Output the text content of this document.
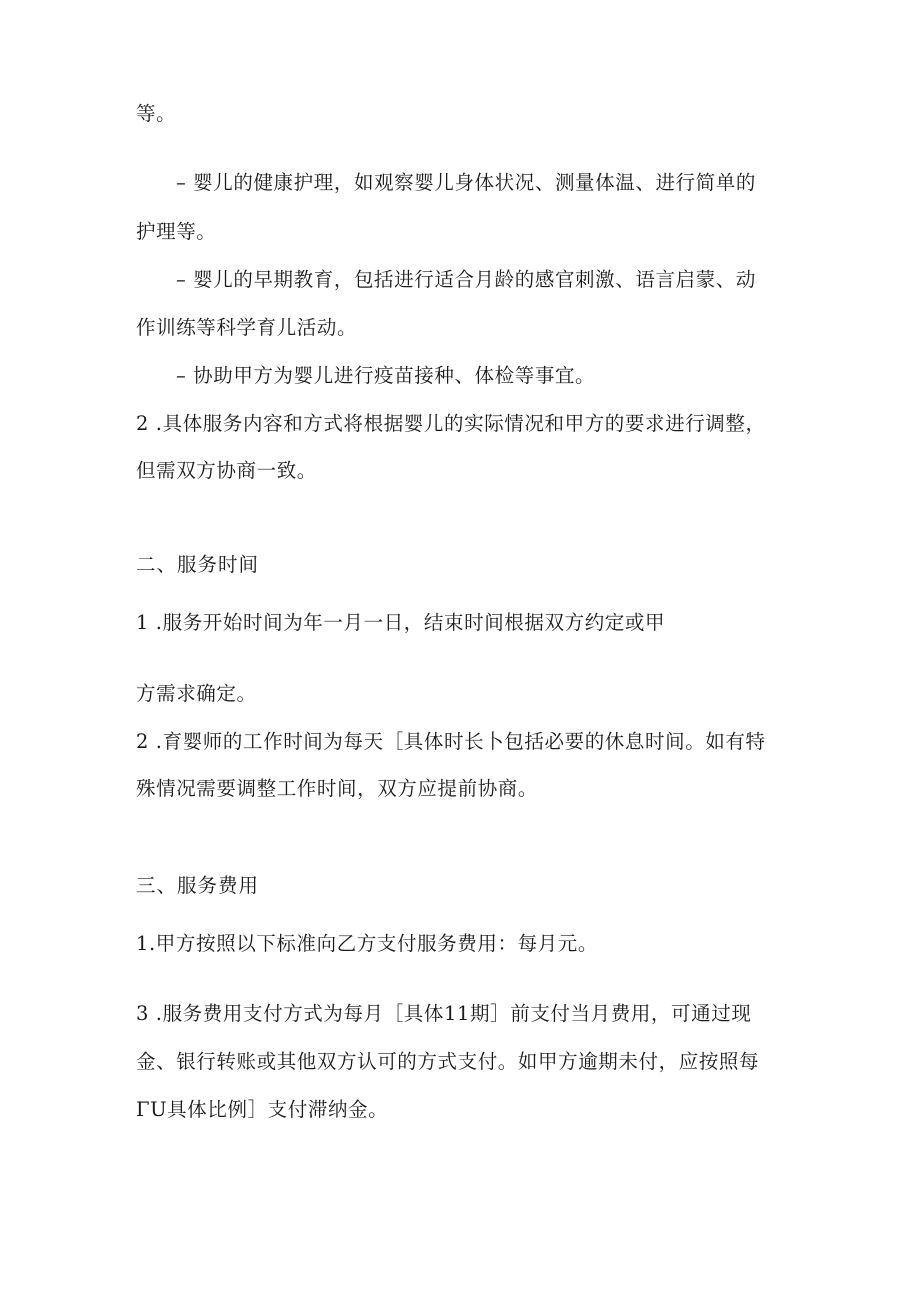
等。
– 婴儿的健康护理，如观察婴儿身体状况、测量体温、进行简单的
护理等。
– 婴儿的早期教育，包括进行适合月龄的感官刺激、语言启蒙、动
作训练等科学育儿活动。
– 协助甲方为婴儿进行疫苗接种、体检等事宜。
2 .具体服务内容和方式将根据婴儿的实际情况和甲方的要求进行调整，
但需双方协商一致。
二、服务时间
1 .服务开始时间为年一月一日，结束时间根据双方约定或甲
方需求确定。
2 .育婴师的工作时间为每天［具体时长卜包括必要的休息时间。如有特
殊情况需要调整工作时间，双方应提前协商。
三、服务费用
1.甲方按照以下标准向乙方支付服务费用：每月元。
3 .服务费用支付方式为每月［具体11期］前支付当月费用，可通过现
金、银行转账或其他双方认可的方式支付。如甲方逾期未付，应按照每
ΓU具体比例］支付滞纳金。
